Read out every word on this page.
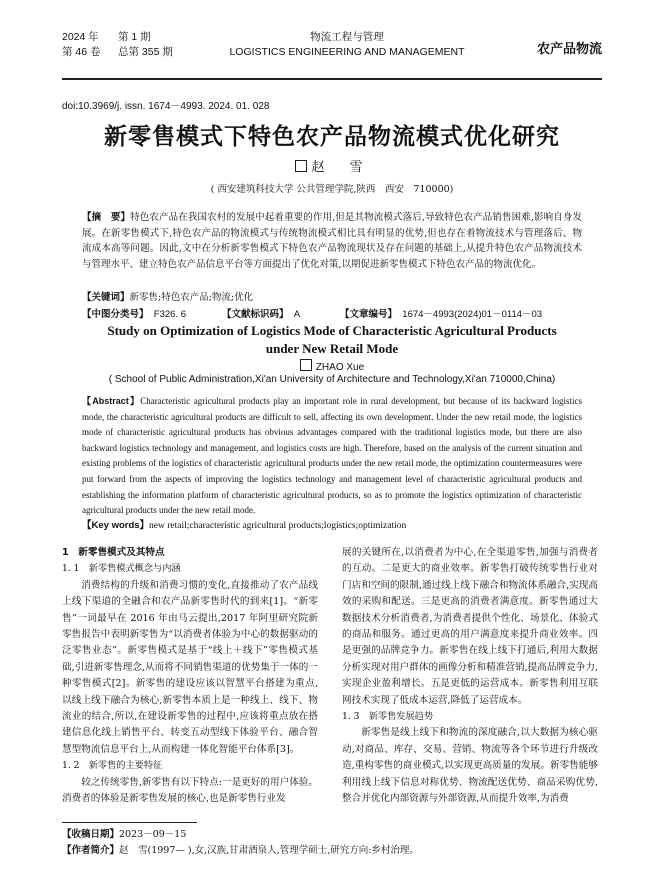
2024 年 第 1 期
第 46 卷 总第 355 期
物流工程与管理
LOGISTICS ENGINEERING AND MANAGEMENT	农产品物流
doi:10.3969/j. issn. 1674－4993. 2024. 01. 028
新零售模式下特色农产品物流模式优化研究
赵　雪
( 西安建筑科技大学 公共管理学院,陕西　西安　710000)
【摘　要】特色农产品在我国农村的发展中起着重要的作用,但是其物流模式落后,导致特色农产品销售困难,影响自身发展。在新零售模式下,特色农产品的物流模式与传统物流模式相比具有明显的优势,但也存在着物流技术与管理落后、物流成本高等问题。因此,文中在分析新零售模式下特色农产品物流现状及存在问题的基础上,从提升特色农产品物流技术与管理水平、建立特色农产品信息平台等方面提出了优化对策,以期促进新零售模式下特色农产品的物流优化。
【关键词】新零售;特色农产品;物流;优化
【中图分类号】 F326. 6	【文献标识码】 A	【文章编号】 1674－4993(2024)01－0114－03
Study on Optimization of Logistics Mode of Characteristic Agricultural Products
under New Retail Mode
ZHAO Xue
( School of Public Administration,Xi'an University of Architecture and Technology,Xi'an 710000,China)
【Abstract】Characteristic agricultural products play an important role in rural development, but because of its backward logistics mode, the characteristic agricultural products are difficult to sell, affecting its own development. Under the new retail mode, the logistics mode of characteristic agricultural products has obvious advantages compared with the traditional logistics mode, but there are also backward logistics technology and management, and logistics costs are high. Therefore, based on the analysis of the current situation and existing problems of the logistics of characteristic agricultural products under the new retail mode, the optimization countermeasures were put forward from the aspects of improving the logistics technology and management level of characteristic agricultural products and establishing the information platform of characteristic agricultural products, so as to promote the logistics optimization of characteristic agricultural products under the new retail mode.
【Key words】new retail;characteristic agricultural products;logistics;optimization
1　新零售模式及其特点
1. 1　新零售模式概念与内涵

消费结构的升级和消费习惯的变化,直接推动了农产品线上线下渠道的全融合和农产品新零售时代的到来[1]。“新零售”一词最早在 2016 年由马云提出,2017 年阿里研究院新零售报告中表明新零售为“以消费者体验为中心的数据驱动的泛零售业态”。新零售模式是基于“线上＋线下”零售模式基础,引进新零售理念,从而将不同销售渠道的优势集于一体的一种零售模式[2]。新零售的建设应该以智慧平台搭建为重点,以线上线下融合为核心,新零售本质上是一种线上、线下、物流业的结合,所以,在建设新零售的过程中,应该将重点放在搭建信息化线上销售平台、转变五动型线下体验平台、融合智慧型物流信息平台上,从而构建一体化智能平台体系[3]。

1. 2　新零售的主要特征

较之传统零售,新零售有以下特点:一是更好的用户体验。消费者的体验是新零售发展的核心,也是新零售行业发

展的关键所在,以消费者为中心,在全渠道零售,加强与消费者的互动。二是更大的商业效率。新零售打破传统零售行业对门店和空间的限制,通过线上线下融合和物流体系融合,实现高效的采购和配送。三是更高的消费者满意度。新零售通过大数据技术分析消费者,为消费者提供个性化、场景化、体验式的商品和服务。通过更高的用户满意度来提升商业效率。四是更强的品牌竞争力。新零售在线上线下打通后,利用大数据分析实现对用户群体的画像分析和精准营销,提高品牌竞争力,实现企业盈利增长。五是更低的运营成本。新零售利用互联网技术实现了低成本运营,降低了运营成本。

1. 3　新零售发展趋势

新零售是线上线下和物流的深度融合,以大数据为核心驱动,对商品、库存、交易、营销、物流等各个环节进行升级改造,重构零售的商业模式,以实现更高质量的发展。新零售能够利用线上线下信息对称优势、物流配送优势、商品采购优势,整合并优化内部资源与外部资源,从而提升效率,为消费

【收稿日期】2023－09－15
【作者简介】赵　雪(1997— ),女,汉族,甘肃酒泉人,管理学硕士,研究方向:乡村治理。
